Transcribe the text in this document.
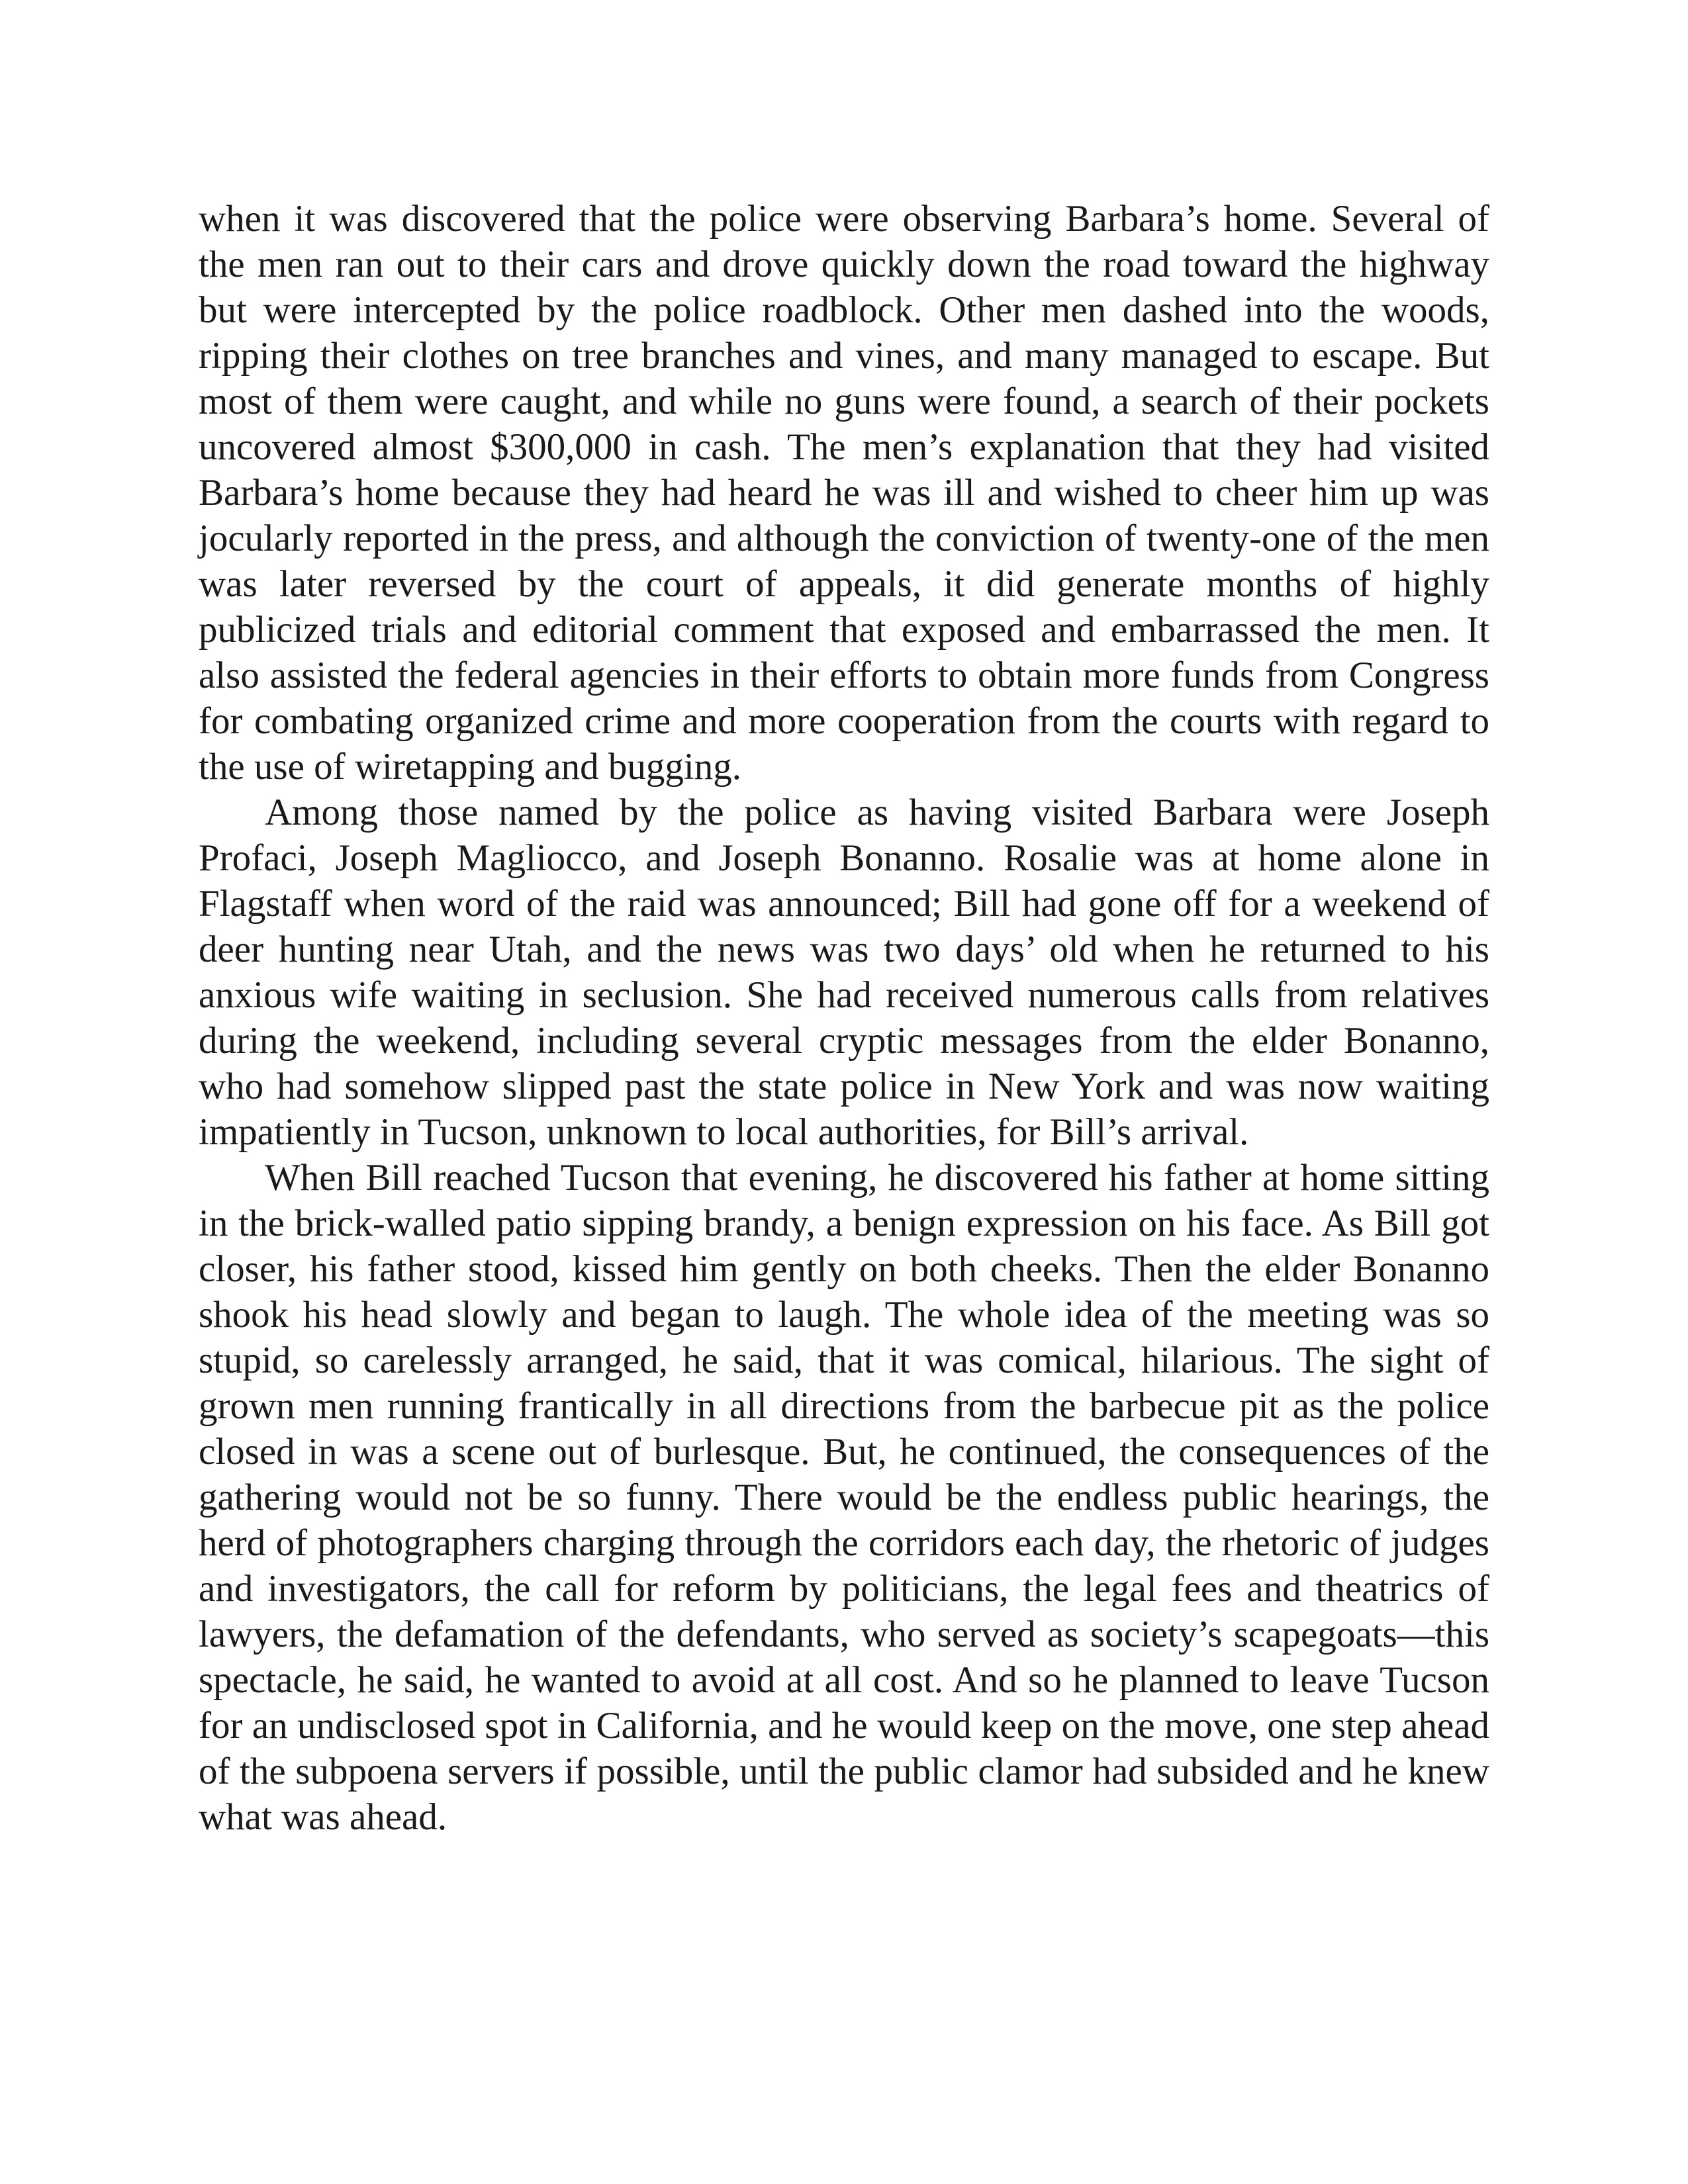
when it was discovered that the police were observing Barbara’s home. Several of the men ran out to their cars and drove quickly down the road toward the highway but were intercepted by the police roadblock. Other men dashed into the woods, ripping their clothes on tree branches and vines, and many managed to escape. But most of them were caught, and while no guns were found, a search of their pockets uncovered almost $300,000 in cash. The men’s explanation that they had visited Barbara’s home because they had heard he was ill and wished to cheer him up was jocularly reported in the press, and although the conviction of twenty-one of the men was later reversed by the court of appeals, it did generate months of highly publicized trials and editorial comment that exposed and embarrassed the men. It also assisted the federal agencies in their efforts to obtain more funds from Congress for combating organized crime and more cooperation from the courts with regard to the use of wiretapping and bugging.

Among those named by the police as having visited Barbara were Joseph Profaci, Joseph Magliocco, and Joseph Bonanno. Rosalie was at home alone in Flagstaff when word of the raid was announced; Bill had gone off for a weekend of deer hunting near Utah, and the news was two days’ old when he returned to his anxious wife waiting in seclusion. She had received numerous calls from relatives during the weekend, including several cryptic messages from the elder Bonanno, who had somehow slipped past the state police in New York and was now waiting impatiently in Tucson, unknown to local authorities, for Bill’s arrival.

When Bill reached Tucson that evening, he discovered his father at home sitting in the brick-walled patio sipping brandy, a benign expression on his face. As Bill got closer, his father stood, kissed him gently on both cheeks. Then the elder Bonanno shook his head slowly and began to laugh. The whole idea of the meeting was so stupid, so carelessly arranged, he said, that it was comical, hilarious. The sight of grown men running frantically in all directions from the barbecue pit as the police closed in was a scene out of burlesque. But, he continued, the consequences of the gathering would not be so funny. There would be the endless public hearings, the herd of photographers charging through the corridors each day, the rhetoric of judges and investigators, the call for reform by politicians, the legal fees and theatrics of lawyers, the defamation of the defendants, who served as society’s scapegoats—this spectacle, he said, he wanted to avoid at all cost. And so he planned to leave Tucson for an undisclosed spot in California, and he would keep on the move, one step ahead of the subpoena servers if possible, until the public clamor had subsided and he knew what was ahead.
